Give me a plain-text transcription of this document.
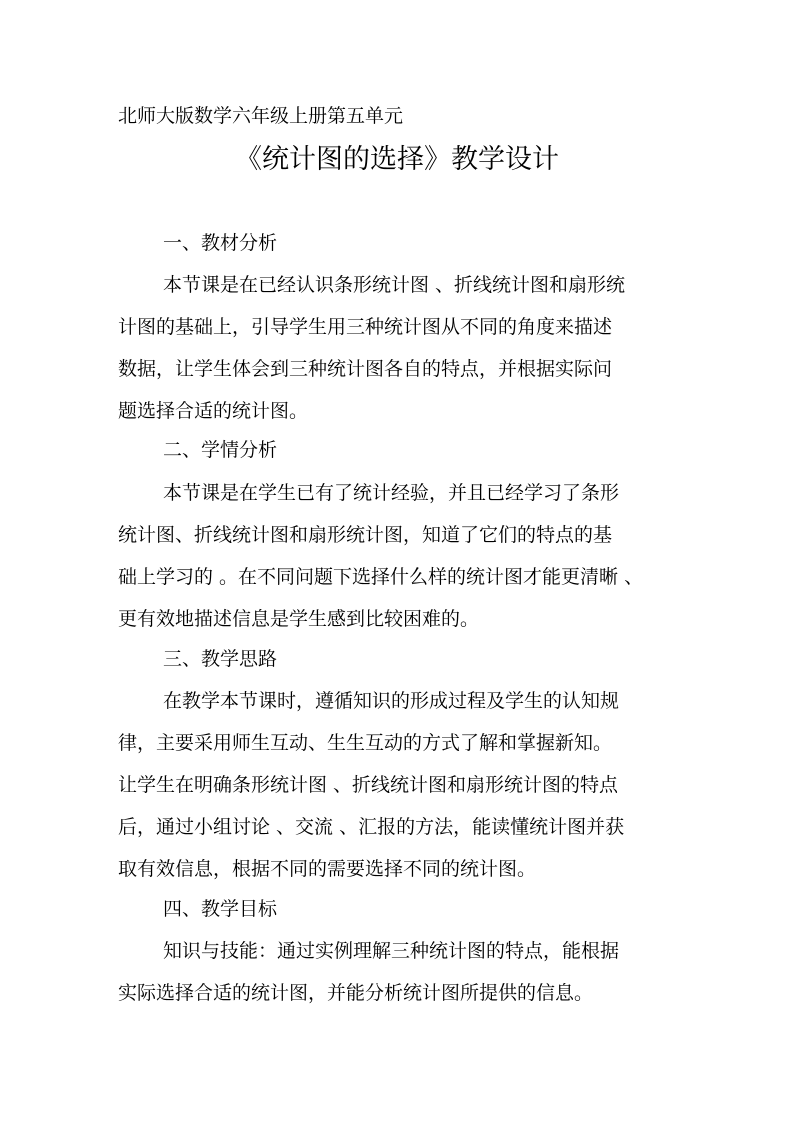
北师大版数学六年级上册第五单元
《统计图的选择》教学设计
一、教材分析
本节课是在已经认识条形统计图 、折线统计图和扇形统
计图的基础上，引导学生用三种统计图从不同的角度来描述
数据，让学生体会到三种统计图各自的特点，并根据实际问
题选择合适的统计图。
二、学情分析
本节课是在学生已有了统计经验，并且已经学习了条形
统计图、折线统计图和扇形统计图，知道了它们的特点的基
础上学习的 。在不同问题下选择什么样的统计图才能更清晰 、
更有效地描述信息是学生感到比较困难的。
三、教学思路
在教学本节课时，遵循知识的形成过程及学生的认知规
律，主要采用师生互动、生生互动的方式了解和掌握新知。
让学生在明确条形统计图 、折线统计图和扇形统计图的特点
后，通过小组讨论 、交流 、汇报的方法，能读懂统计图并获
取有效信息，根据不同的需要选择不同的统计图。
四、教学目标
知识与技能：通过实例理解三种统计图的特点，能根据
实际选择合适的统计图，并能分析统计图所提供的信息。
